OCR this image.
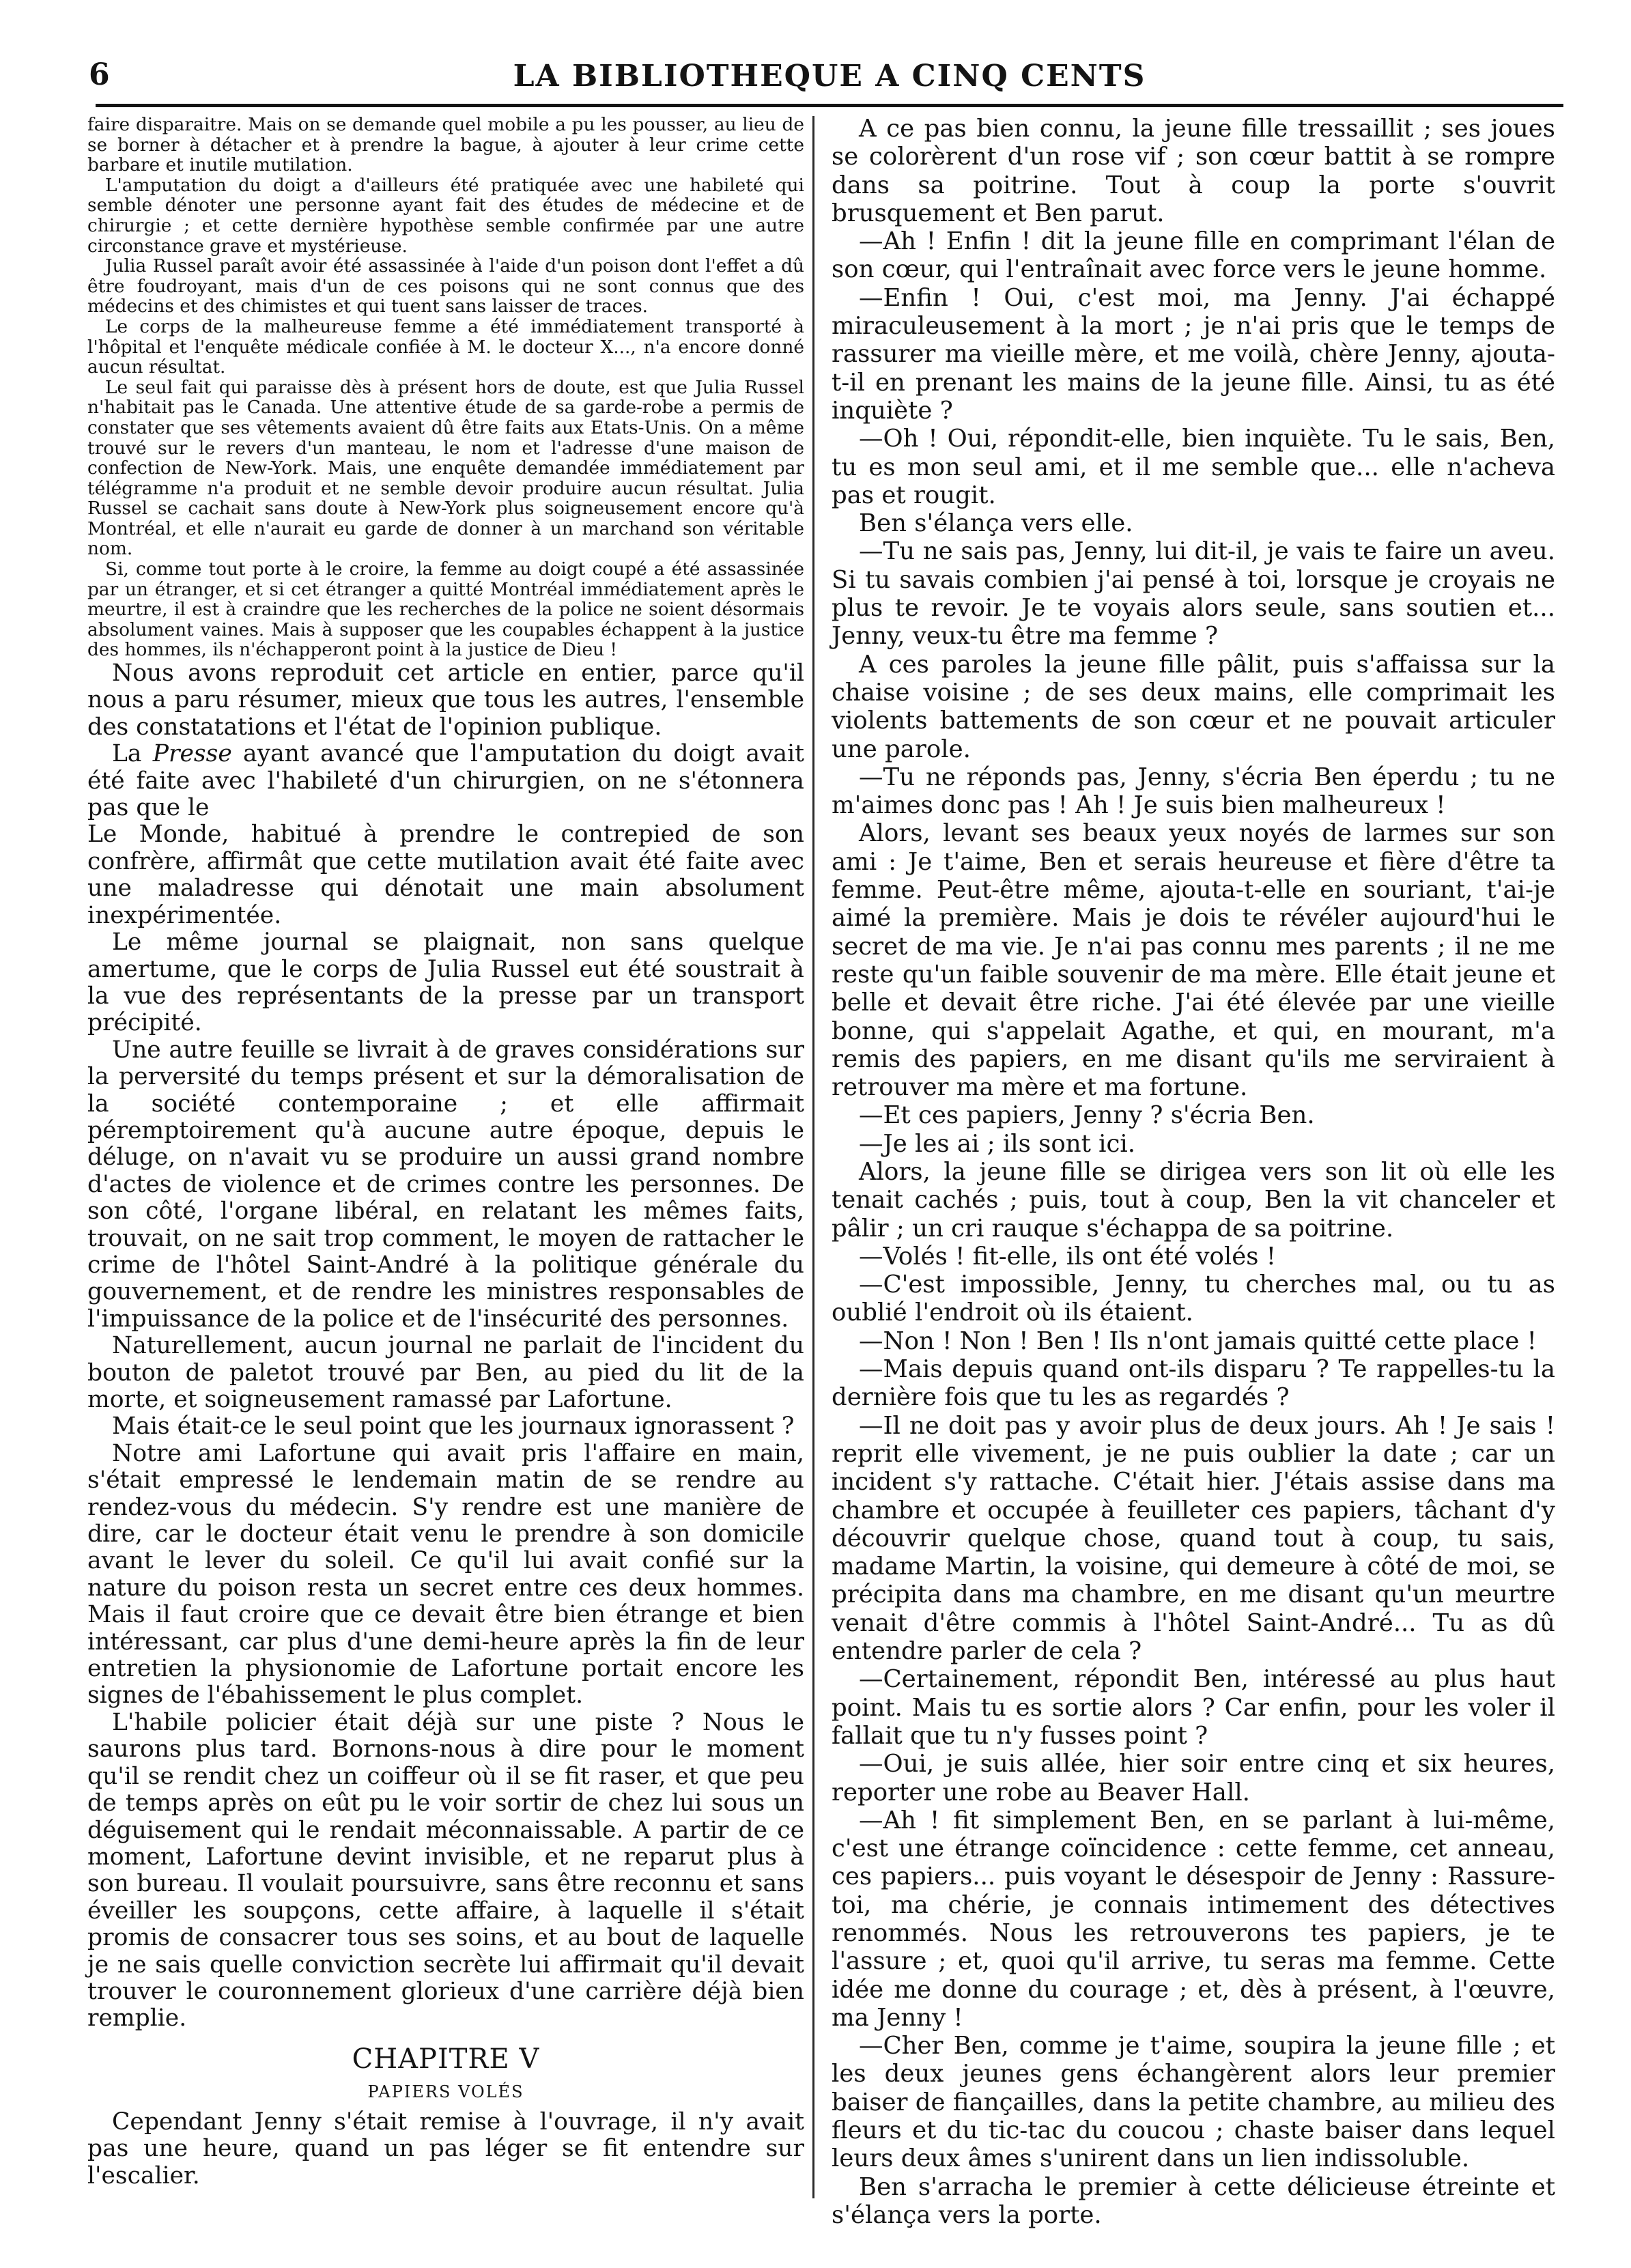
6	LA BIBLIOTHEQUE A CINQ CENTS

faire disparaitre. Mais on se demande quel mobile a pu les pousser, au lieu de se borner à détacher et à prendre la bague, à ajouter à leur crime cette barbare et inutile mutilation.

L'amputation du doigt a d'ailleurs été pratiquée avec une habileté qui semble dénoter une personne ayant fait des études de médecine et de chirurgie ; et cette dernière hypothèse semble confirmée par une autre circonstance grave et mystérieuse.

Julia Russel paraît avoir été assassinée à l'aide d'un poison dont l'effet a dû être foudroyant, mais d'un de ces poisons qui ne sont connus que des médecins et des chimistes et qui tuent sans laisser de traces.

Le corps de la malheureuse femme a été immédiatement transporté à l'hôpital et l'enquête médicale confiée à M. le docteur X..., n'a encore donné aucun résultat.

Le seul fait qui paraisse dès à présent hors de doute, est que Julia Russel n'habitait pas le Canada. Une attentive étude de sa garde-robe a permis de constater que ses vêtements avaient dû être faits aux Etats-Unis. On a même trouvé sur le revers d'un manteau, le nom et l'adresse d'une maison de confection de New-York. Mais, une enquête demandée immédiatement par télégramme n'a produit et ne semble devoir produire aucun résultat. Julia Russel se cachait sans doute à New-York plus soigneusement encore qu'à Montréal, et elle n'aurait eu garde de donner à un marchand son véritable nom.

Si, comme tout porte à le croire, la femme au doigt coupé a été assassinée par un étranger, et si cet étranger a quitté Montréal immédiatement après le meurtre, il est à craindre que les recherches de la police ne soient désormais absolument vaines. Mais à supposer que les coupables échappent à la justice des hommes, ils n'échapperont point à la justice de Dieu !

Nous avons reproduit cet article en entier, parce qu'il nous a paru résumer, mieux que tous les autres, l'ensemble des constatations et l'état de l'opinion publique.

La Presse ayant avancé que l'amputation du doigt avait été faite avec l'habileté d'un chirurgien, on ne s'étonnera pas que le

Le Monde, habitué à prendre le contrepied de son confrère, affirmât que cette mutilation avait été faite avec une maladresse qui dénotait une main absolument inexpérimentée.

Le même journal se plaignait, non sans quelque amertume, que le corps de Julia Russel eut été soustrait à la vue des représentants de la presse par un transport précipité.

Une autre feuille se livrait à de graves considérations sur la perversité du temps présent et sur la démoralisation de la société contemporaine ; et elle affirmait péremptoirement qu'à aucune autre époque, depuis le déluge, on n'avait vu se produire un aussi grand nombre d'actes de violence et de crimes contre les personnes. De son côté, l'organe libéral, en relatant les mêmes faits, trouvait, on ne sait trop comment, le moyen de rattacher le crime de l'hôtel Saint-André à la politique générale du gouvernement, et de rendre les ministres responsables de l'impuissance de la police et de l'insécurité des personnes.

Naturellement, aucun journal ne parlait de l'incident du bouton de paletot trouvé par Ben, au pied du lit de la morte, et soigneusement ramassé par Lafortune.

Mais était-ce le seul point que les journaux ignorassent ?

Notre ami Lafortune qui avait pris l'affaire en main, s'était empressé le lendemain matin de se rendre au rendez-vous du médecin. S'y rendre est une manière de dire, car le docteur était venu le prendre à son domicile avant le lever du soleil. Ce qu'il lui avait confié sur la nature du poison resta un secret entre ces deux hommes. Mais il faut croire que ce devait être bien étrange et bien intéressant, car plus d'une demi-heure après la fin de leur entretien la physionomie de Lafortune portait encore les signes de l'ébahissement le plus complet.

L'habile policier était déjà sur une piste ? Nous le saurons plus tard. Bornons-nous à dire pour le moment qu'il se rendit chez un coiffeur où il se fit raser, et que peu de temps après on eût pu le voir sortir de chez lui sous un déguisement qui le rendait méconnaissable. A partir de ce moment, Lafortune devint invisible, et ne reparut plus à son bureau. Il voulait poursuivre, sans être reconnu et sans éveiller les soupçons, cette affaire, à laquelle il s'était promis de consacrer tous ses soins, et au bout de laquelle je ne sais quelle conviction secrète lui affirmait qu'il devait trouver le couronnement glorieux d'une carrière déjà bien remplie.

CHAPITRE V
PAPIERS VOLÉS

Cependant Jenny s'était remise à l'ouvrage, il n'y avait pas une heure, quand un pas léger se fit entendre sur l'escalier.

A ce pas bien connu, la jeune fille tressaillit ; ses joues se colorèrent d'un rose vif ; son cœur battit à se rompre dans sa poitrine. Tout à coup la porte s'ouvrit brusquement et Ben parut.

—Ah ! Enfin ! dit la jeune fille en comprimant l'élan de son cœur, qui l'entraînait avec force vers le jeune homme.

—Enfin ! Oui, c'est moi, ma Jenny. J'ai échappé miraculeusement à la mort ; je n'ai pris que le temps de rassurer ma vieille mère, et me voilà, chère Jenny, ajouta-t-il en prenant les mains de la jeune fille. Ainsi, tu as été inquiète ?

—Oh ! Oui, répondit-elle, bien inquiète. Tu le sais, Ben, tu es mon seul ami, et il me semble que... elle n'acheva pas et rougit.

Ben s'élança vers elle.

—Tu ne sais pas, Jenny, lui dit-il, je vais te faire un aveu. Si tu savais combien j'ai pensé à toi, lorsque je croyais ne plus te revoir. Je te voyais alors seule, sans soutien et... Jenny, veux-tu être ma femme ?

A ces paroles la jeune fille pâlit, puis s'affaissa sur la chaise voisine ; de ses deux mains, elle comprimait les violents battements de son cœur et ne pouvait articuler une parole.

—Tu ne réponds pas, Jenny, s'écria Ben éperdu ; tu ne m'aimes donc pas ! Ah ! Je suis bien malheureux !

Alors, levant ses beaux yeux noyés de larmes sur son ami : Je t'aime, Ben et serais heureuse et fière d'être ta femme. Peut-être même, ajouta-t-elle en souriant, t'ai-je aimé la première. Mais je dois te révéler aujourd'hui le secret de ma vie. Je n'ai pas connu mes parents ; il ne me reste qu'un faible souvenir de ma mère. Elle était jeune et belle et devait être riche. J'ai été élevée par une vieille bonne, qui s'appelait Agathe, et qui, en mourant, m'a remis des papiers, en me disant qu'ils me serviraient à retrouver ma mère et ma fortune.

—Et ces papiers, Jenny ? s'écria Ben.

—Je les ai ; ils sont ici.

Alors, la jeune fille se dirigea vers son lit où elle les tenait cachés ; puis, tout à coup, Ben la vit chanceler et pâlir ; un cri rauque s'échappa de sa poitrine.

—Volés ! fit-elle, ils ont été volés !

—C'est impossible, Jenny, tu cherches mal, ou tu as oublié l'endroit où ils étaient.

—Non ! Non ! Ben ! Ils n'ont jamais quitté cette place !

—Mais depuis quand ont-ils disparu ? Te rappelles-tu la dernière fois que tu les as regardés ?

—Il ne doit pas y avoir plus de deux jours. Ah ! Je sais ! reprit elle vivement, je ne puis oublier la date ; car un incident s'y rattache. C'était hier. J'étais assise dans ma chambre et occupée à feuilleter ces papiers, tâchant d'y découvrir quelque chose, quand tout à coup, tu sais, madame Martin, la voisine, qui demeure à côté de moi, se précipita dans ma chambre, en me disant qu'un meurtre venait d'être commis à l'hôtel Saint-André... Tu as dû entendre parler de cela ?

—Certainement, répondit Ben, intéressé au plus haut point. Mais tu es sortie alors ? Car enfin, pour les voler il fallait que tu n'y fusses point ?

—Oui, je suis allée, hier soir entre cinq et six heures, reporter une robe au Beaver Hall.

—Ah ! fit simplement Ben, en se parlant à lui-même, c'est une étrange coïncidence : cette femme, cet anneau, ces papiers... puis voyant le désespoir de Jenny : Rassure-toi, ma chérie, je connais intimement des détectives renommés. Nous les retrouverons tes papiers, je te l'assure ; et, quoi qu'il arrive, tu seras ma femme. Cette idée me donne du courage ; et, dès à présent, à l'œuvre, ma Jenny !

—Cher Ben, comme je t'aime, soupira la jeune fille ; et les deux jeunes gens échangèrent alors leur premier baiser de fiançailles, dans la petite chambre, au milieu des fleurs et du tic-tac du coucou ; chaste baiser dans lequel leurs deux âmes s'unirent dans un lien indissoluble.

Ben s'arracha le premier à cette délicieuse étreinte et s'élança vers la porte.
